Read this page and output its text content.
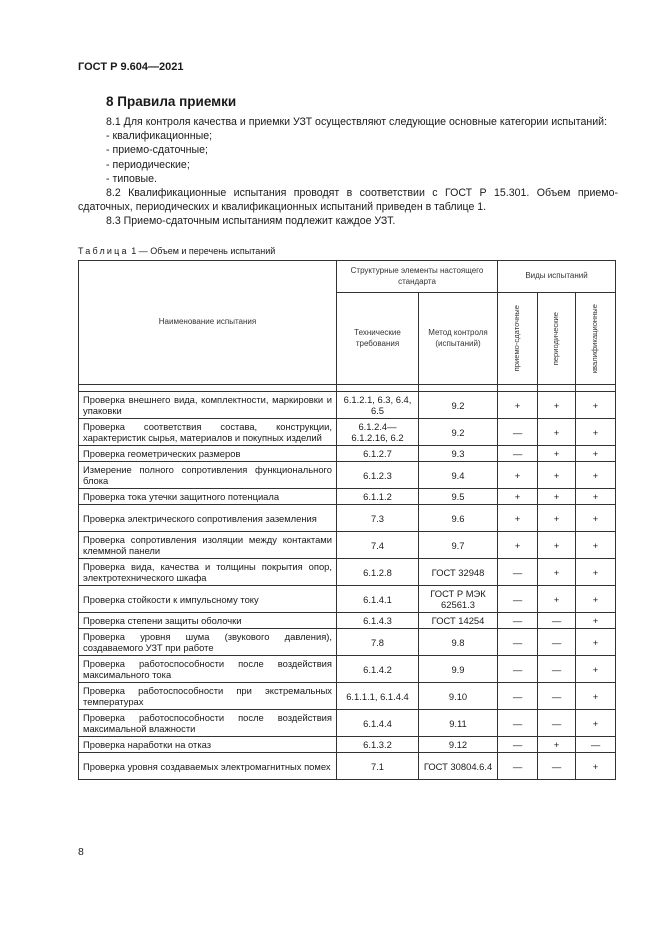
ГОСТ Р 9.604—2021
8 Правила приемки

8.1 Для контроля качества и приемки УЗТ осуществляют следующие основные категории испытаний:

- квалификационные;
- приемо-сдаточные;
- периодические;
- типовые.

8.2 Квалификационные испытания проводят в соответствии с ГОСТ Р 15.301. Объем приемо-сдаточных, периодических и квалификационных испытаний приведен в таблице 1.

8.3 Приемо-сдаточным испытаниям подлежит каждое УЗТ.

Таблица 1 — Объем и перечень испытаний
Наименование испытания	Структурные элементы настоящего стандарта		Виды испытаний		
	Технические требования	Метод контроля (испытаний)	приемо-сдаточные	периодические	квалификационные

Проверка внешнего вида, комплектности, маркировки и упаковки	6.1.2.1, 6.3, 6.4, 6.5	9.2	+	+	+
Проверка соответствия состава, конструкции, характеристик сырья, материалов и покупных изделий	6.1.2.4— 6.1.2.16, 6.2	9.2	—	+	+
Проверка геометрических размеров	6.1.2.7	9.3	—	+	+
Измерение полного сопротивления функционального блока	6.1.2.3	9.4	+	+	+
Проверка тока утечки защитного потенциала	6.1.1.2	9.5	+	+	+
Проверка электрического сопротивления заземления	7.3	9.6	+	+	+
Проверка сопротивления изоляции между контактами клеммной панели	7.4	9.7	+	+	+
Проверка вида, качества и толщины покрытия опор, электротехнического шкафа	6.1.2.8	ГОСТ 32948	—	+	+
Проверка стойкости к импульсному току	6.1.4.1	ГОСТ Р МЭК 62561.3	—	+	+
Проверка степени защиты оболочки	6.1.4.3	ГОСТ 14254	—	—	+
Проверка уровня шума (звукового давления), создаваемого УЗТ при работе	7.8	9.8	—	—	+
Проверка работоспособности после воздействия максимального тока	6.1.4.2	9.9	—	—	+
Проверка работоспособности при экстремальных температурах	6.1.1.1, 6.1.4.4	9.10	—	—	+
Проверка работоспособности после воздействия максимальной влажности	6.1.4.4	9.11	—	—	+
Проверка наработки на отказ	6.1.3.2	9.12	—	+	—
Проверка уровня создаваемых электромагнитных помех	7.1	ГОСТ 30804.6.4	—	—	+
8
